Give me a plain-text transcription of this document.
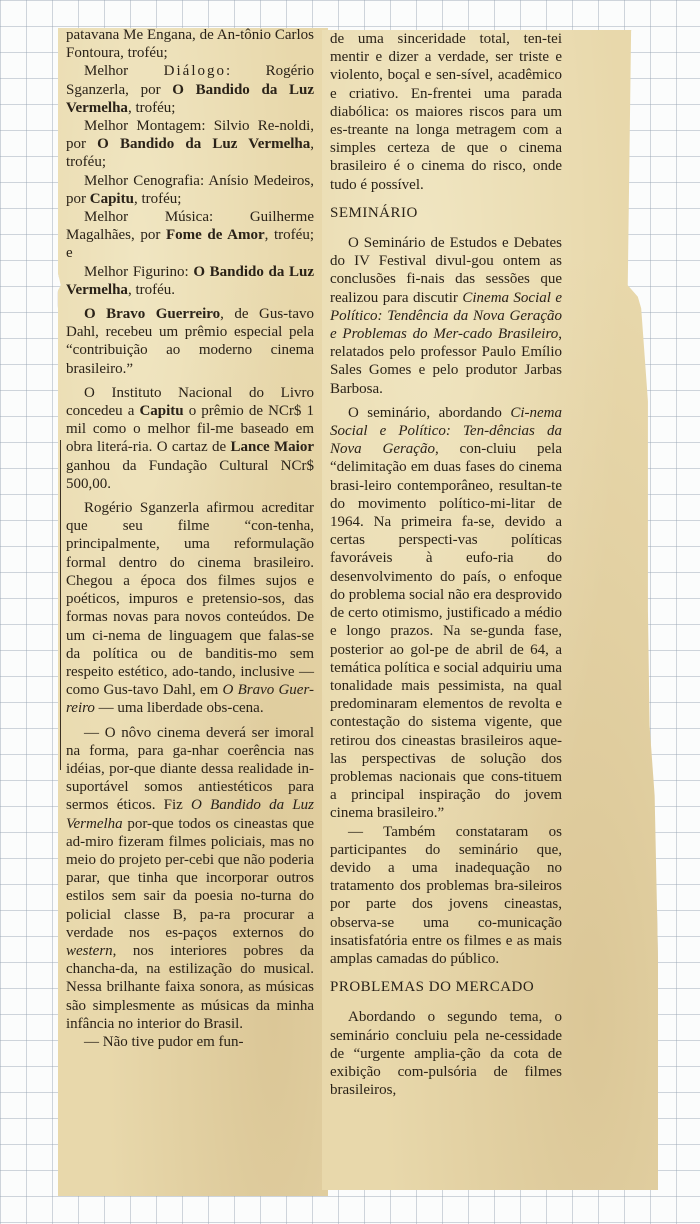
patavana Me Engana, de An-tônio Carlos Fontoura, troféu;

Melhor Diálogo: Rogério Sganzerla, por O Bandido da Luz Vermelha, troféu;

Melhor Montagem: Silvio Re-noldi, por O Bandido da Luz Vermelha, troféu;

Melhor Cenografia: Anísio Medeiros, por Capitu, troféu;

Melhor Música: Guilherme Magalhães, por Fome de Amor, troféu; e

Melhor Figurino: O Bandido da Luz Vermelha, troféu.

O Bravo Guerreiro, de Gus-tavo Dahl, recebeu um prêmio especial pela “contribuição ao moderno cinema brasileiro.”

O Instituto Nacional do Livro concedeu a Capitu o prêmio de NCr$ 1 mil como o melhor fil-me baseado em obra literá-ria. O cartaz de Lance Maior ganhou da Fundação Cultural NCr$ 500,00.

Rogério Sganzerla afirmou acreditar que seu filme “con-tenha, principalmente, uma reformulação formal dentro do cinema brasileiro. Chegou a época dos filmes sujos e poéticos, impuros e pretensio-sos, das formas novas para novos conteúdos. De um ci-nema de linguagem que falas-se da política ou de banditis-mo sem respeito estético, ado-tando, inclusive — como Gus-tavo Dahl, em O Bravo Guer-reiro — uma liberdade obs-cena.

— O nôvo cinema deverá ser imoral na forma, para ga-nhar coerência nas idéias, por-que diante dessa realidade in-suportável somos antiestéticos para sermos éticos. Fiz O Bandido da Luz Vermelha por-que todos os cineastas que ad-miro fizeram filmes policiais, mas no meio do projeto per-cebi que não poderia parar, que tinha que incorporar outros estilos sem sair da poesia no-turna do policial classe B, pa-ra procurar a verdade nos es-paços externos do western, nos interiores pobres da chancha-da, na estilização do musical. Nessa brilhante faixa sonora, as músicas são simplesmente as músicas da minha infância no interior do Brasil.

— Não tive pudor em fun-

de uma sinceridade total, ten-tei mentir e dizer a verdade, ser triste e violento, boçal e sen-sível, acadêmico e criativo. En-frentei uma parada diabólica: os maiores riscos para um es-treante na longa metragem com a simples certeza de que o cinema brasileiro é o cinema do risco, onde tudo é possível.

SEMINÁRIO

O Seminário de Estudos e Debates do IV Festival divul-gou ontem as conclusões fi-nais das sessões que realizou para discutir Cinema Social e Político: Tendência da Nova Geração e Problemas do Mer-cado Brasileiro, relatados pelo professor Paulo Emílio Sales Gomes e pelo produtor Jarbas Barbosa.

O seminário, abordando Ci-nema Social e Político: Ten-dências da Nova Geração, con-cluiu pela “delimitação em duas fases do cinema brasi-leiro contemporâneo, resultan-te do movimento político-mi-litar de 1964. Na primeira fa-se, devido a certas perspecti-vas políticas favoráveis à eufo-ria do desenvolvimento do país, o enfoque do problema social não era desprovido de certo otimismo, justificado a médio e longo prazos. Na se-gunda fase, posterior ao gol-pe de abril de 64, a temática política e social adquiriu uma tonalidade mais pessimista, na qual predominaram elementos de revolta e contestação do sistema vigente, que retirou dos cineastas brasileiros aque-las perspectivas de solução dos problemas nacionais que cons-tituem a principal inspiração do jovem cinema brasileiro.”

— Também constataram os participantes do seminário que, devido a uma inadequação no tratamento dos problemas bra-sileiros por parte dos jovens cineastas, observa-se uma co-municação insatisfatória entre os filmes e as mais amplas camadas do público.

PROBLEMAS DO MERCADO

Abordando o segundo tema, o seminário concluiu pela ne-cessidade de “urgente amplia-ção da cota de exibição com-pulsória de filmes brasileiros,
